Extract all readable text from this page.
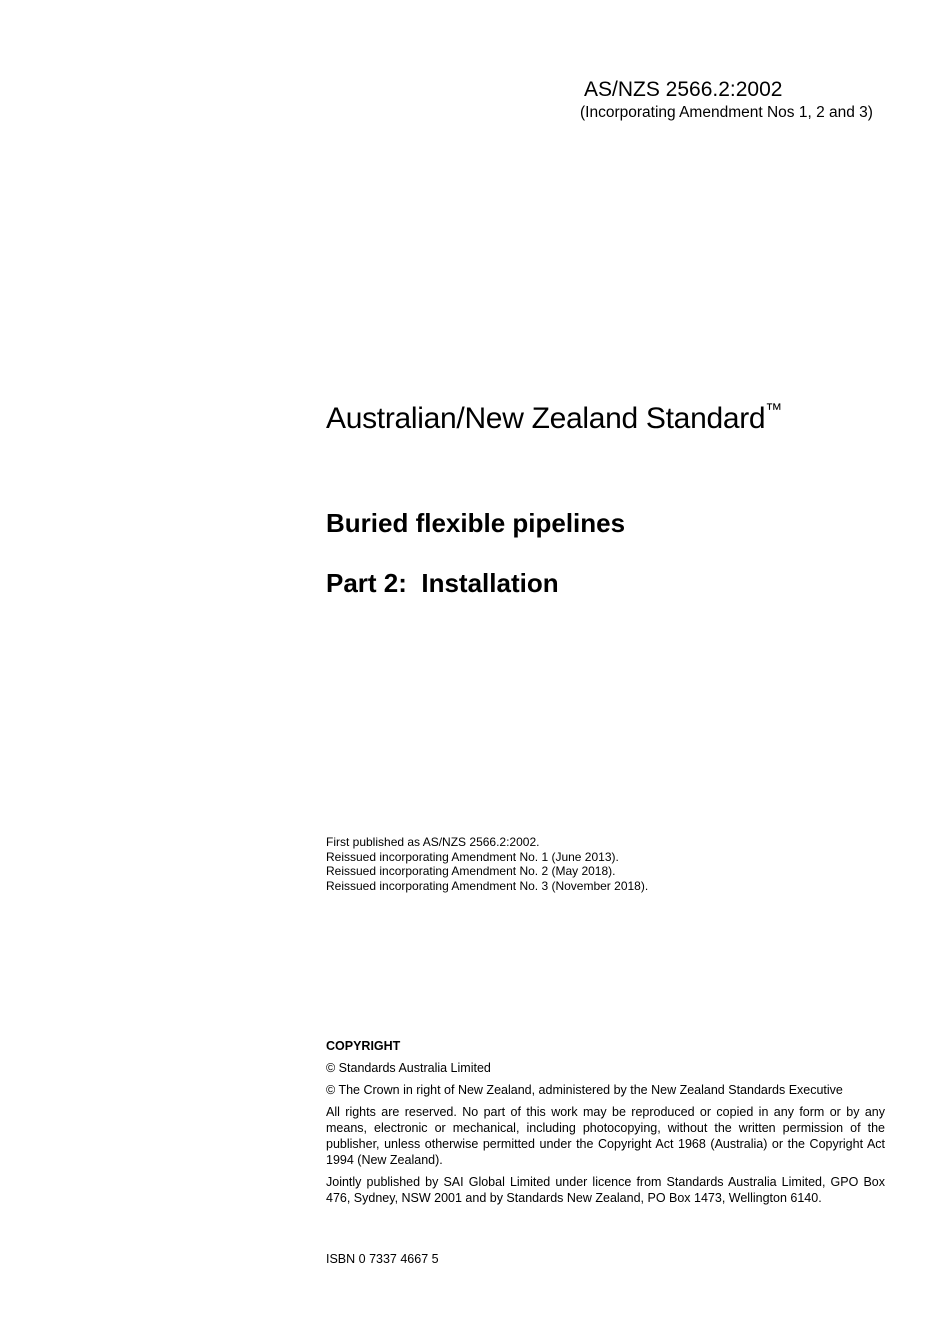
AS/NZS 2566.2:2002
(Incorporating Amendment Nos 1, 2 and 3)
Australian/New Zealand Standard™
Buried flexible pipelines
Part 2:  Installation
First published as AS/NZS 2566.2:2002.
Reissued incorporating Amendment No. 1 (June 2013).
Reissued incorporating Amendment No. 2 (May 2018).
Reissued incorporating Amendment No. 3 (November 2018).
COPYRIGHT
© Standards Australia Limited
© The Crown in right of New Zealand, administered by the New Zealand Standards Executive
All rights are reserved. No part of this work may be reproduced or copied in any form or by any means, electronic or mechanical, including photocopying, without the written permission of the publisher, unless otherwise permitted under the Copyright Act 1968 (Australia) or the Copyright Act 1994 (New Zealand).
Jointly published by SAI Global Limited under licence from Standards Australia Limited, GPO Box 476, Sydney, NSW 2001 and by Standards New Zealand, PO Box 1473, Wellington 6140.
ISBN 0 7337 4667 5
